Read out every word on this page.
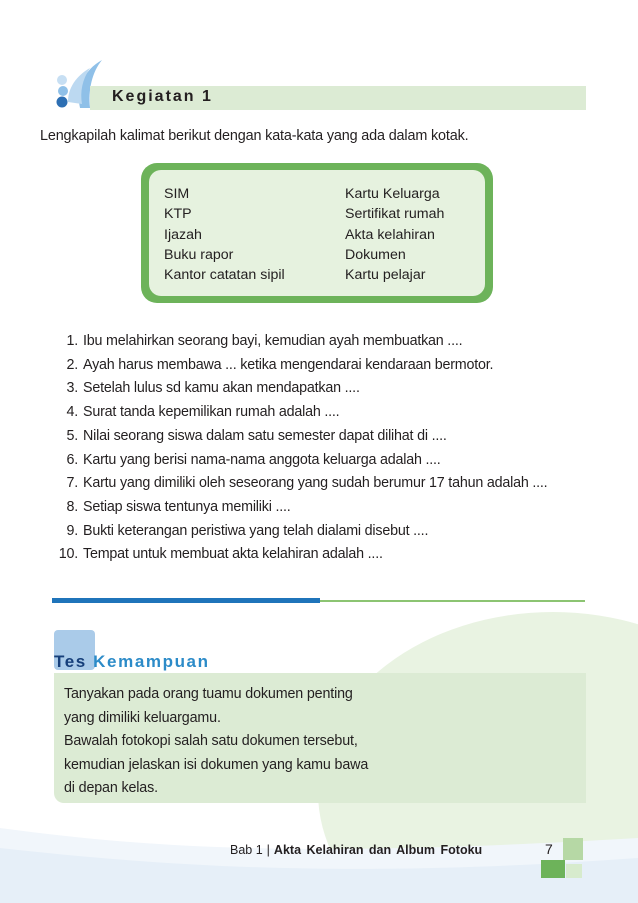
Kegiatan 1
Lengkapilah kalimat berikut dengan kata-kata yang ada dalam kotak.
SIM
KTP
Ijazah
Buku rapor
Kantor catatan sipil
Kartu Keluarga
Sertifikat rumah
Akta kelahiran
Dokumen
Kartu pelajar
1. Ibu melahirkan seorang bayi, kemudian ayah membuatkan ....
2. Ayah harus membawa ... ketika mengendarai kendaraan bermotor.
3. Setelah lulus sd kamu akan mendapatkan ....
4. Surat tanda kepemilikan rumah adalah ....
5. Nilai seorang siswa dalam satu semester dapat dilihat di ....
6. Kartu yang berisi nama-nama anggota keluarga adalah ....
7. Kartu yang dimiliki oleh seseorang yang sudah berumur 17 tahun adalah ....
8. Setiap siswa tentunya memiliki ....
9. Bukti keterangan peristiwa yang telah dialami disebut ....
10. Tempat untuk membuat akta kelahiran adalah ....
Tes Kemampuan
Tanyakan pada orang tuamu dokumen penting
yang dimiliki keluargamu.
Bawalah fotokopi salah satu dokumen tersebut,
kemudian jelaskan isi dokumen yang kamu bawa
di depan kelas.
Bab 1 | Akta Kelahiran dan Album Fotoku	7
